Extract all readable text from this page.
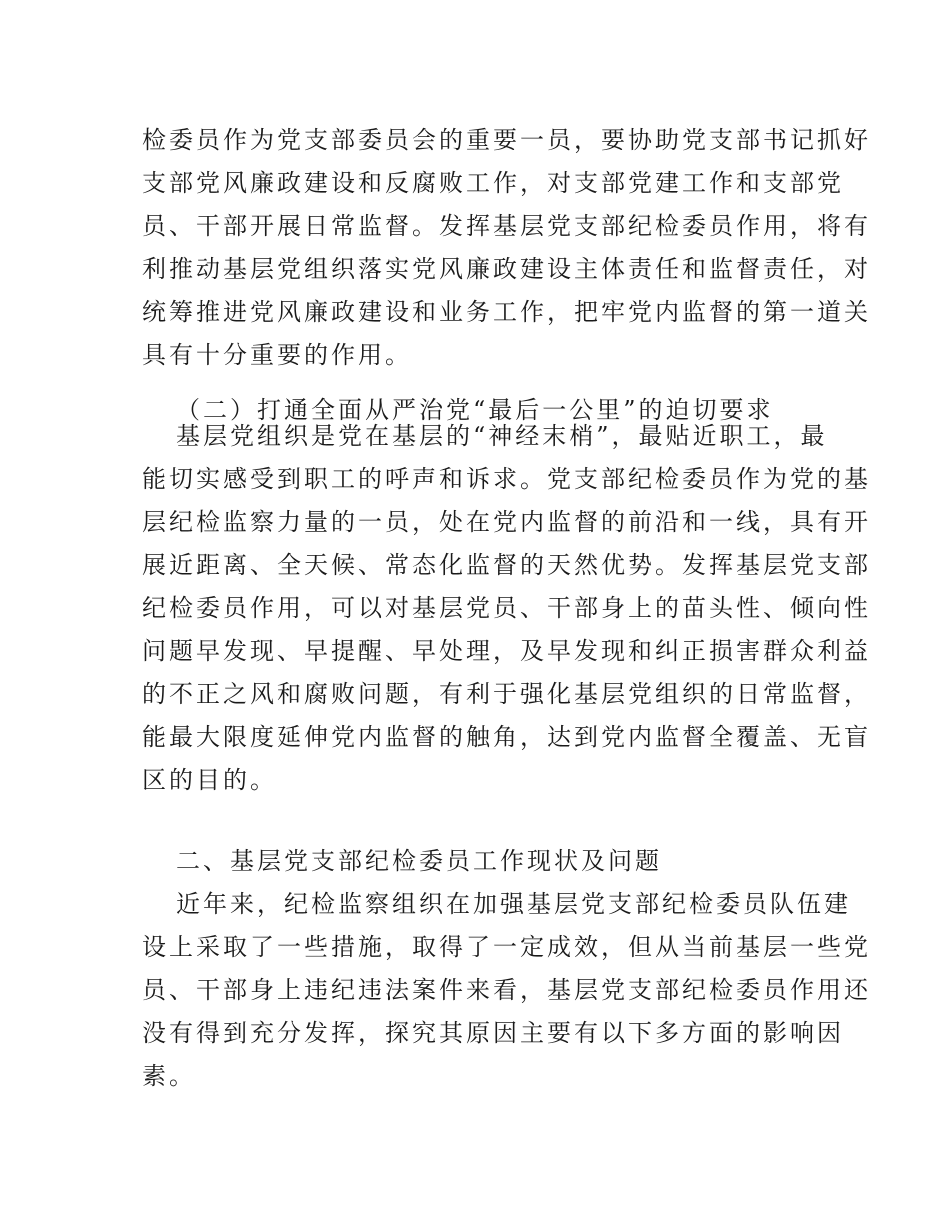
检委员作为党支部委员会的重要一员，要协助党支部书记抓好
支部党风廉政建设和反腐败工作，对支部党建工作和支部党
员、干部开展日常监督。发挥基层党支部纪检委员作用，将有
利推动基层党组织落实党风廉政建设主体责任和监督责任，对
统筹推进党风廉政建设和业务工作，把牢党内监督的第一道关
具有十分重要的作用。
（二）打通全面从严治党“最后一公里”的迫切要求
基层党组织是党在基层的“神经末梢”，最贴近职工，最
能切实感受到职工的呼声和诉求。党支部纪检委员作为党的基
层纪检监察力量的一员，处在党内监督的前沿和一线，具有开
展近距离、全天候、常态化监督的天然优势。发挥基层党支部
纪检委员作用，可以对基层党员、干部身上的苗头性、倾向性
问题早发现、早提醒、早处理，及早发现和纠正损害群众利益
的不正之风和腐败问题，有利于强化基层党组织的日常监督，
能最大限度延伸党内监督的触角，达到党内监督全覆盖、无盲
区的目的。
二、基层党支部纪检委员工作现状及问题
近年来，纪检监察组织在加强基层党支部纪检委员队伍建
设上采取了一些措施，取得了一定成效，但从当前基层一些党
员、干部身上违纪违法案件来看，基层党支部纪检委员作用还
没有得到充分发挥，探究其原因主要有以下多方面的影响因
素。
